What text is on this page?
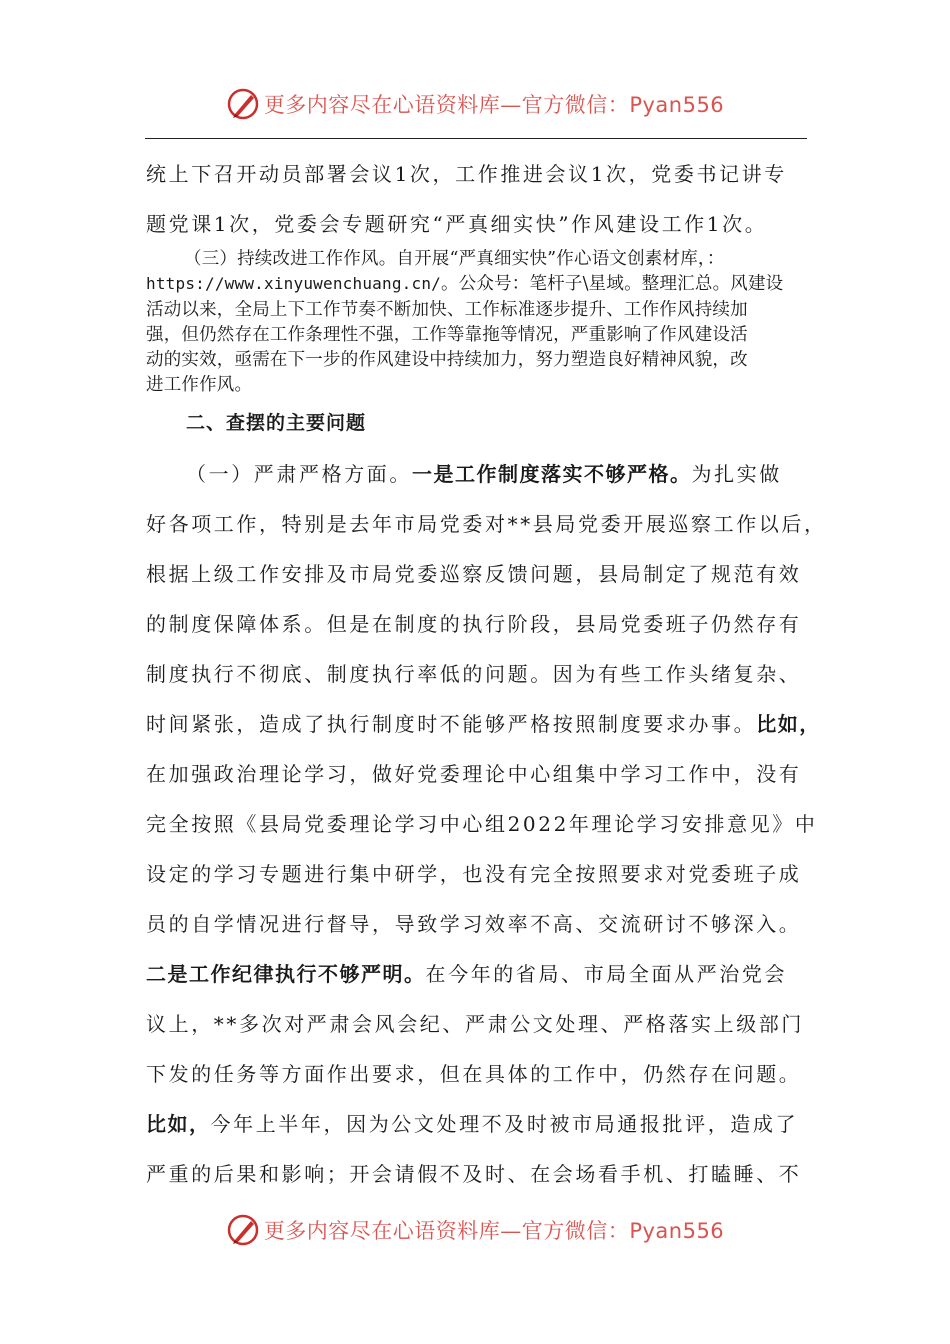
更多内容尽在心语资料库—官方微信：Pyan556
统上下召开动员部署会议1次，工作推进会议1次，党委书记讲专
题党课1次，党委会专题研究“严真细实快”作风建设工作1次。
（三）持续改进工作作风。自开展“严真细实快”作心语文创素材库，：
https://www.xinyuwenchuang.cn/。公众号：笔杆子\星域。整理汇总。风建设
活动以来，全局上下工作节奏不断加快、工作标准逐步提升、工作作风持续加
强，但仍然存在工作条理性不强，工作等靠拖等情况，严重影响了作风建设活
动的实效，亟需在下一步的作风建设中持续加力，努力塑造良好精神风貌，改
进工作作风。
二、查摆的主要问题
（一）严肃严格方面。一是工作制度落实不够严格。为扎实做
好各项工作，特别是去年市局党委对**县局党委开展巡察工作以后，
根据上级工作安排及市局党委巡察反馈问题，县局制定了规范有效
的制度保障体系。但是在制度的执行阶段，县局党委班子仍然存有
制度执行不彻底、制度执行率低的问题。因为有些工作头绪复杂、
时间紧张，造成了执行制度时不能够严格按照制度要求办事。比如，
在加强政治理论学习，做好党委理论中心组集中学习工作中，没有
完全按照《县局党委理论学习中心组2022年理论学习安排意见》中
设定的学习专题进行集中研学，也没有完全按照要求对党委班子成
员的自学情况进行督导，导致学习效率不高、交流研讨不够深入。
二是工作纪律执行不够严明。在今年的省局、市局全面从严治党会
议上，**多次对严肃会风会纪、严肃公文处理、严格落实上级部门
下发的任务等方面作出要求，但在具体的工作中，仍然存在问题。
比如，今年上半年，因为公文处理不及时被市局通报批评，造成了
严重的后果和影响；开会请假不及时、在会场看手机、打瞌睡、不
更多内容尽在心语资料库—官方微信：Pyan556
